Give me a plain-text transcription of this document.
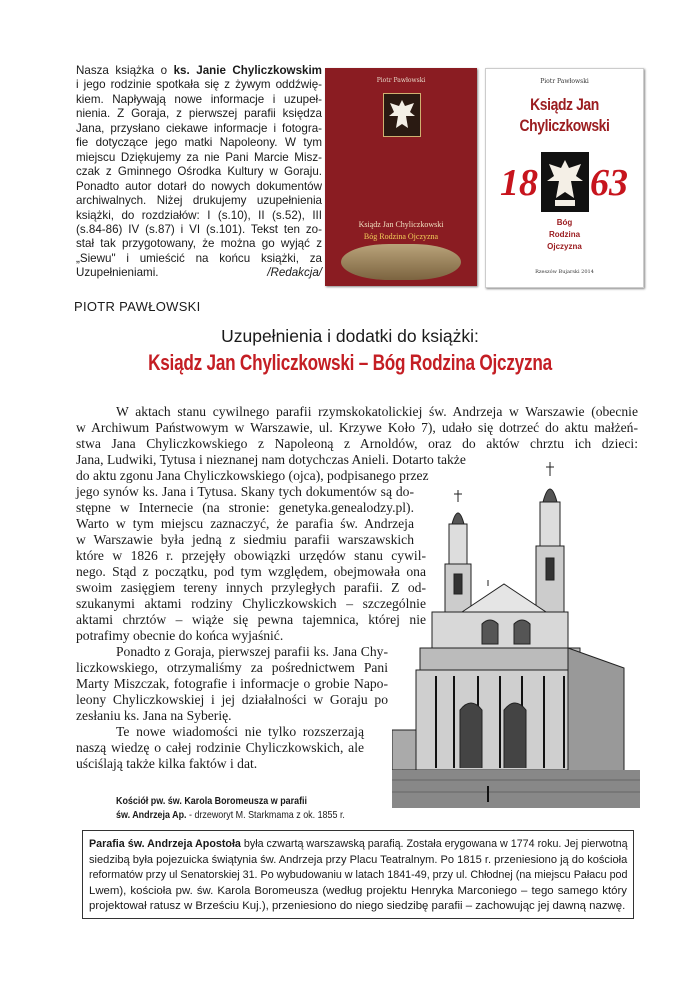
Nasza książka o ks. Janie Chyliczkowskim
i jego rodzinie spotkała się z żywym oddźwię-
kiem. Napływają nowe informacje i uzupeł-
nienia. Z Goraja, z pierwszej parafii księdza
Jana, przysłano ciekawe informacje i fotogra-
fie dotyczące jego matki Napoleony. W tym
miejscu Dziękujemy za nie Pani Marcie Misz-
czak z Gminnego Ośrodka Kultury w Goraju.
Ponadto autor dotarł do nowych dokumentów
archiwalnych. Niżej drukujemy uzupełnienia
książki, do rozdziałów: I (s.10), II (s.52), III
(s.84-86) IV (s.87) i VI (s.101). Tekst ten zo-
stał tak przygotowany, że można go wyjąć z
„Siewu" i umieścić na końcu książki, za
Uzupełnieniami.	/Redakcja/
Piotr Pawłowski
Ksiądz Jan Chyliczkowski
Bóg Rodzina Ojczyzna
Piotr Pawłowski
Ksiądz Jan
Chyliczkowski
18 63
Bóg
Rodzina
Ojczyzna
Rzeszów Bujarski 2014
PIOTR PAWŁOWSKI
Uzupełnienia i dodatki do książki:
Ksiądz Jan Chyliczkowski – Bóg Rodzina Ojczyzna
W aktach stanu cywilnego parafii rzymskokatolickiej św. Andrzeja w Warszawie (obecnie
w Archiwum Państwowym w Warszawie, ul. Krzywe Koło 7), udało się dotrzeć do aktu małżeń-
stwa Jana Chyliczkowskiego z Napoleoną z Arnoldów, oraz do aktów chrztu ich dzieci:
Jana, Ludwiki, Tytusa i nieznanej nam dotychczas Anieli. Dotarto także
do aktu zgonu Jana Chyliczkowskiego (ojca), podpisanego przez
jego synów ks. Jana i Tytusa. Skany tych dokumentów są do-
stępne w Internecie (na stronie: genetyka.genealodzy.pl).
Warto w tym miejscu zaznaczyć, że parafia św. Andrzeja
w Warszawie była jedną z siedmiu parafii warszawskich
które w 1826 r. przejęły obowiązki urzędów stanu cywil-
nego. Stąd z początku, pod tym względem, obejmowała ona
swoim zasięgiem tereny innych przyległych parafii. Z od-
szukanymi aktami rodziny Chyliczkowskich – szczególnie
aktami chrztów – wiąże się pewna tajemnica, której nie
potrafimy obecnie do końca wyjaśnić.
Ponadto z Goraja, pierwszej parafii ks. Jana Chy-
liczkowskiego, otrzymaliśmy za pośrednictwem Pani
Marty Miszczak, fotografie i informacje o grobie Napo-
leony Chyliczkowskiej i jej działalności w Goraju po
zesłaniu ks. Jana na Syberię.
Te nowe wiadomości nie tylko rozszerzają
naszą wiedzę o całej rodzinie Chyliczkowskich, ale
uściślają także kilka faktów i dat.
Kościół pw. św. Karola Boromeusza w parafii
św. Andrzeja Ap. - drzeworyt M. Starkmama z ok. 1855 r.
Parafia św. Andrzeja Apostoła była czwartą warszawską parafią. Została erygowana w 1774 roku. Jej pierwotną
siedzibą była pojezuicka świątynia św. Andrzeja przy Placu Teatralnym. Po 1815 r. przeniesiono ją do kościoła
reformatów przy ul Senatorskiej 31. Po wybudowaniu w latach 1841-49, przy ul. Chłodnej (na miejscu Pałacu pod
Lwem), kościoła pw. św. Karola Boromeusza (według projektu Henryka Marconiego – tego samego który
projektował ratusz w Brześciu Kuj.), przeniesiono do niego siedzibę parafii – zachowując jej dawną nazwę.
